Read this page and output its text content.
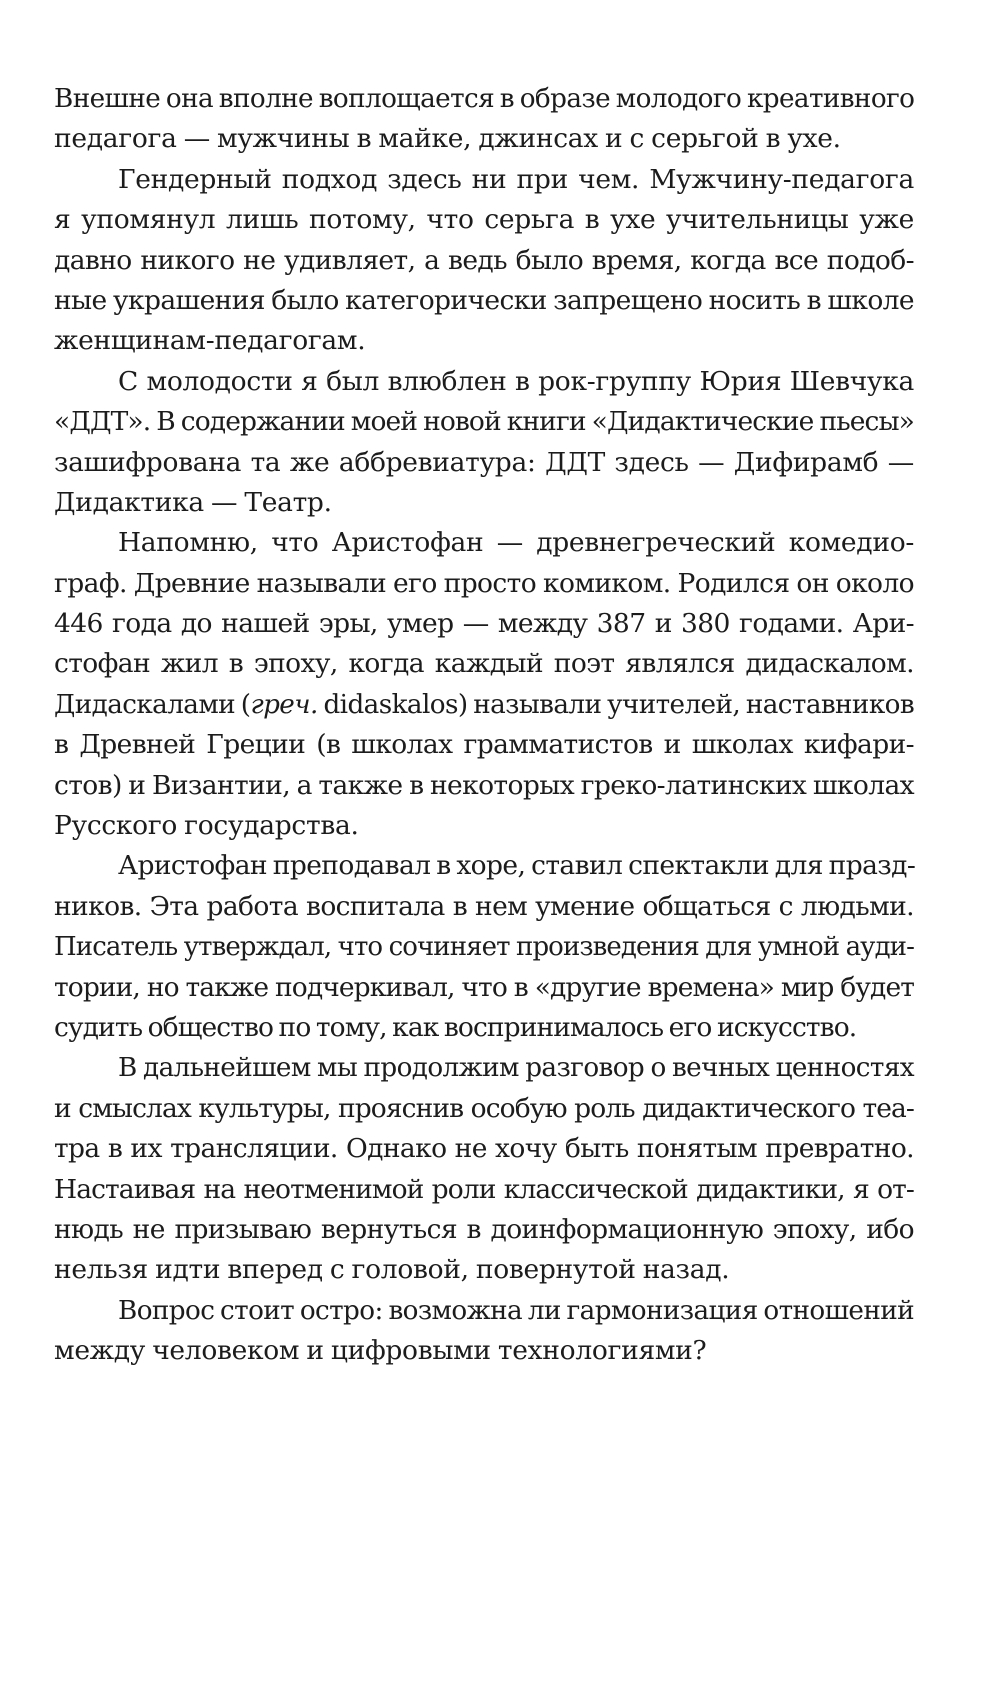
Внешне она вполне воплощается в образе молодого креативного
педагога — мужчины в майке, джинсах и с серьгой в ухе.
Гендерный подход здесь ни при чем. Мужчину-педагога
я упомянул лишь потому, что серьга в ухе учительницы уже
давно никого не удивляет, а ведь было время, когда все подоб-
ные украшения было категорически запрещено носить в школе
женщинам-педагогам.
С молодости я был влюблен в рок-группу Юрия Шевчука
«ДДТ». В содержании моей новой книги «Дидактические пьесы»
зашифрована та же аббревиатура: ДДТ здесь — Дифирамб —
Дидактика — Театр.
Напомню, что Аристофан — древнегреческий комедио-
граф. Древние называли его просто комиком. Родился он около
446 года до нашей эры, умер — между 387 и 380 годами. Ари-
стофан жил в эпоху, когда каждый поэт являлся дидаскалом.
Дидаскалами (греч. didaskalos) называли учителей, наставников
в Древней Греции (в школах грамматистов и школах кифари-
стов) и Византии, а также в некоторых греко-латинских школах
Русского государства.
Аристофан преподавал в хоре, ставил спектакли для празд-
ников. Эта работа воспитала в нем умение общаться с людьми.
Писатель утверждал, что сочиняет произведения для умной ауди-
тории, но также подчеркивал, что в «другие времена» мир будет
судить общество по тому, как воспринималось его искусство.
В дальнейшем мы продолжим разговор о вечных ценностях
и смыслах культуры, прояснив особую роль дидактического теа-
тра в их трансляции. Однако не хочу быть понятым превратно.
Настаивая на неотменимой роли классической дидактики, я от-
нюдь не призываю вернуться в доинформационную эпоху, ибо
нельзя идти вперед с головой, повернутой назад.
Вопрос стоит остро: возможна ли гармонизация отношений
между человеком и цифровыми технологиями?
